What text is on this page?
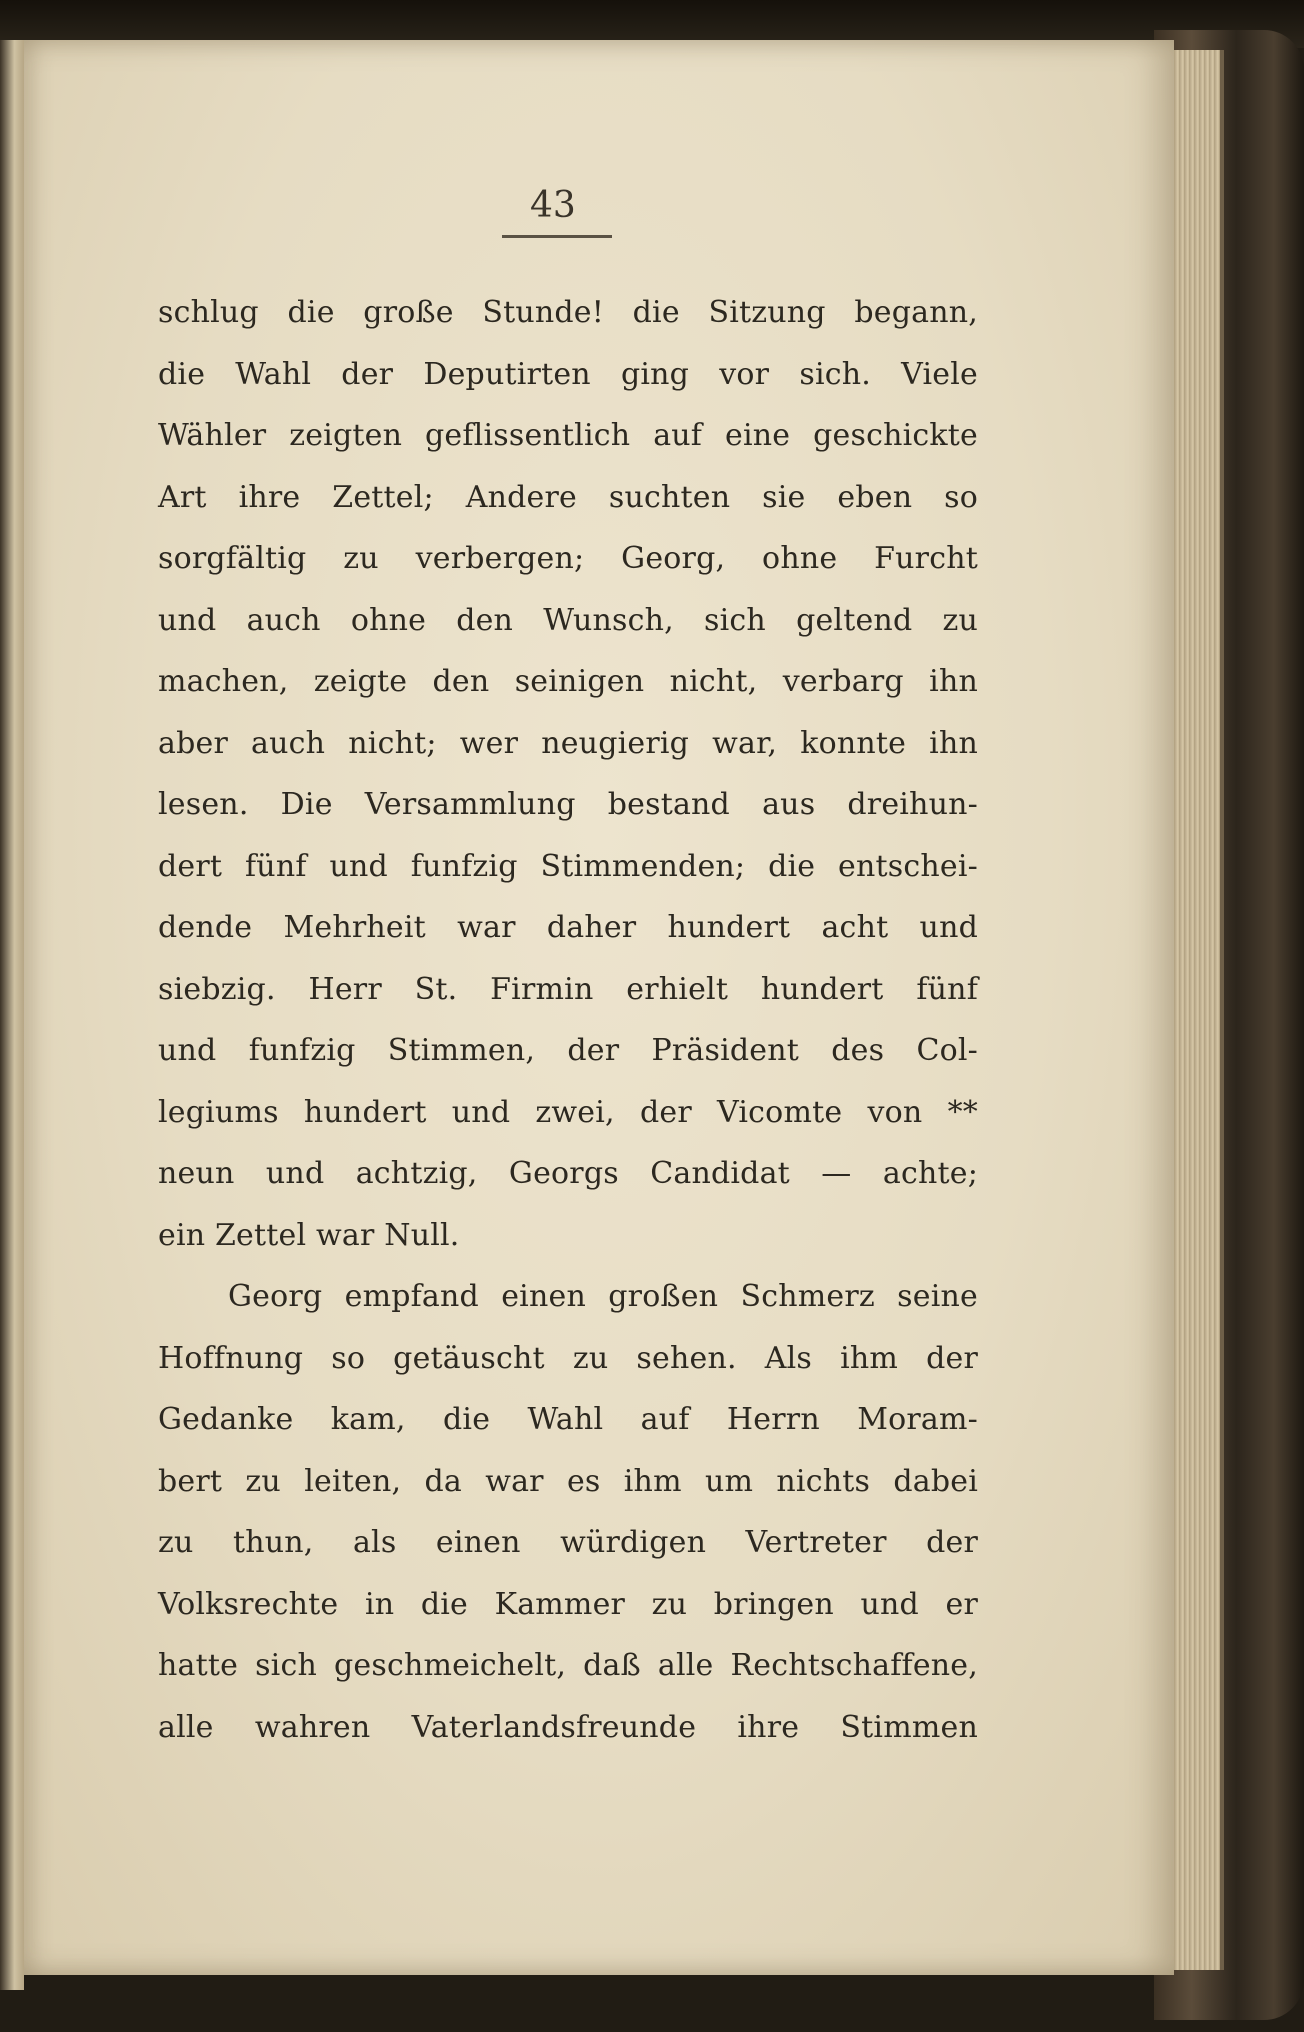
43
schlug die große Stunde! die Sitzung begann,
die Wahl der Deputirten ging vor sich. Viele
Wähler zeigten geflissentlich auf eine geschickte
Art ihre Zettel; Andere suchten sie eben so
sorgfältig zu verbergen; Georg, ohne Furcht
und auch ohne den Wunsch, sich geltend zu
machen, zeigte den seinigen nicht, verbarg ihn
aber auch nicht; wer neugierig war, konnte ihn
lesen. Die Versammlung bestand aus dreihun-
dert fünf und funfzig Stimmenden; die entschei-
dende Mehrheit war daher hundert acht und
siebzig. Herr St. Firmin erhielt hundert fünf
und funfzig Stimmen, der Präsident des Col-
legiums hundert und zwei, der Vicomte von **
neun und achtzig, Georgs Candidat — achte;
ein Zettel war Null.
Georg empfand einen großen Schmerz seine
Hoffnung so getäuscht zu sehen. Als ihm der
Gedanke kam, die Wahl auf Herrn Moram-
bert zu leiten, da war es ihm um nichts dabei
zu thun, als einen würdigen Vertreter der
Volksrechte in die Kammer zu bringen und er
hatte sich geschmeichelt, daß alle Rechtschaffene,
alle wahren Vaterlandsfreunde ihre Stimmen
